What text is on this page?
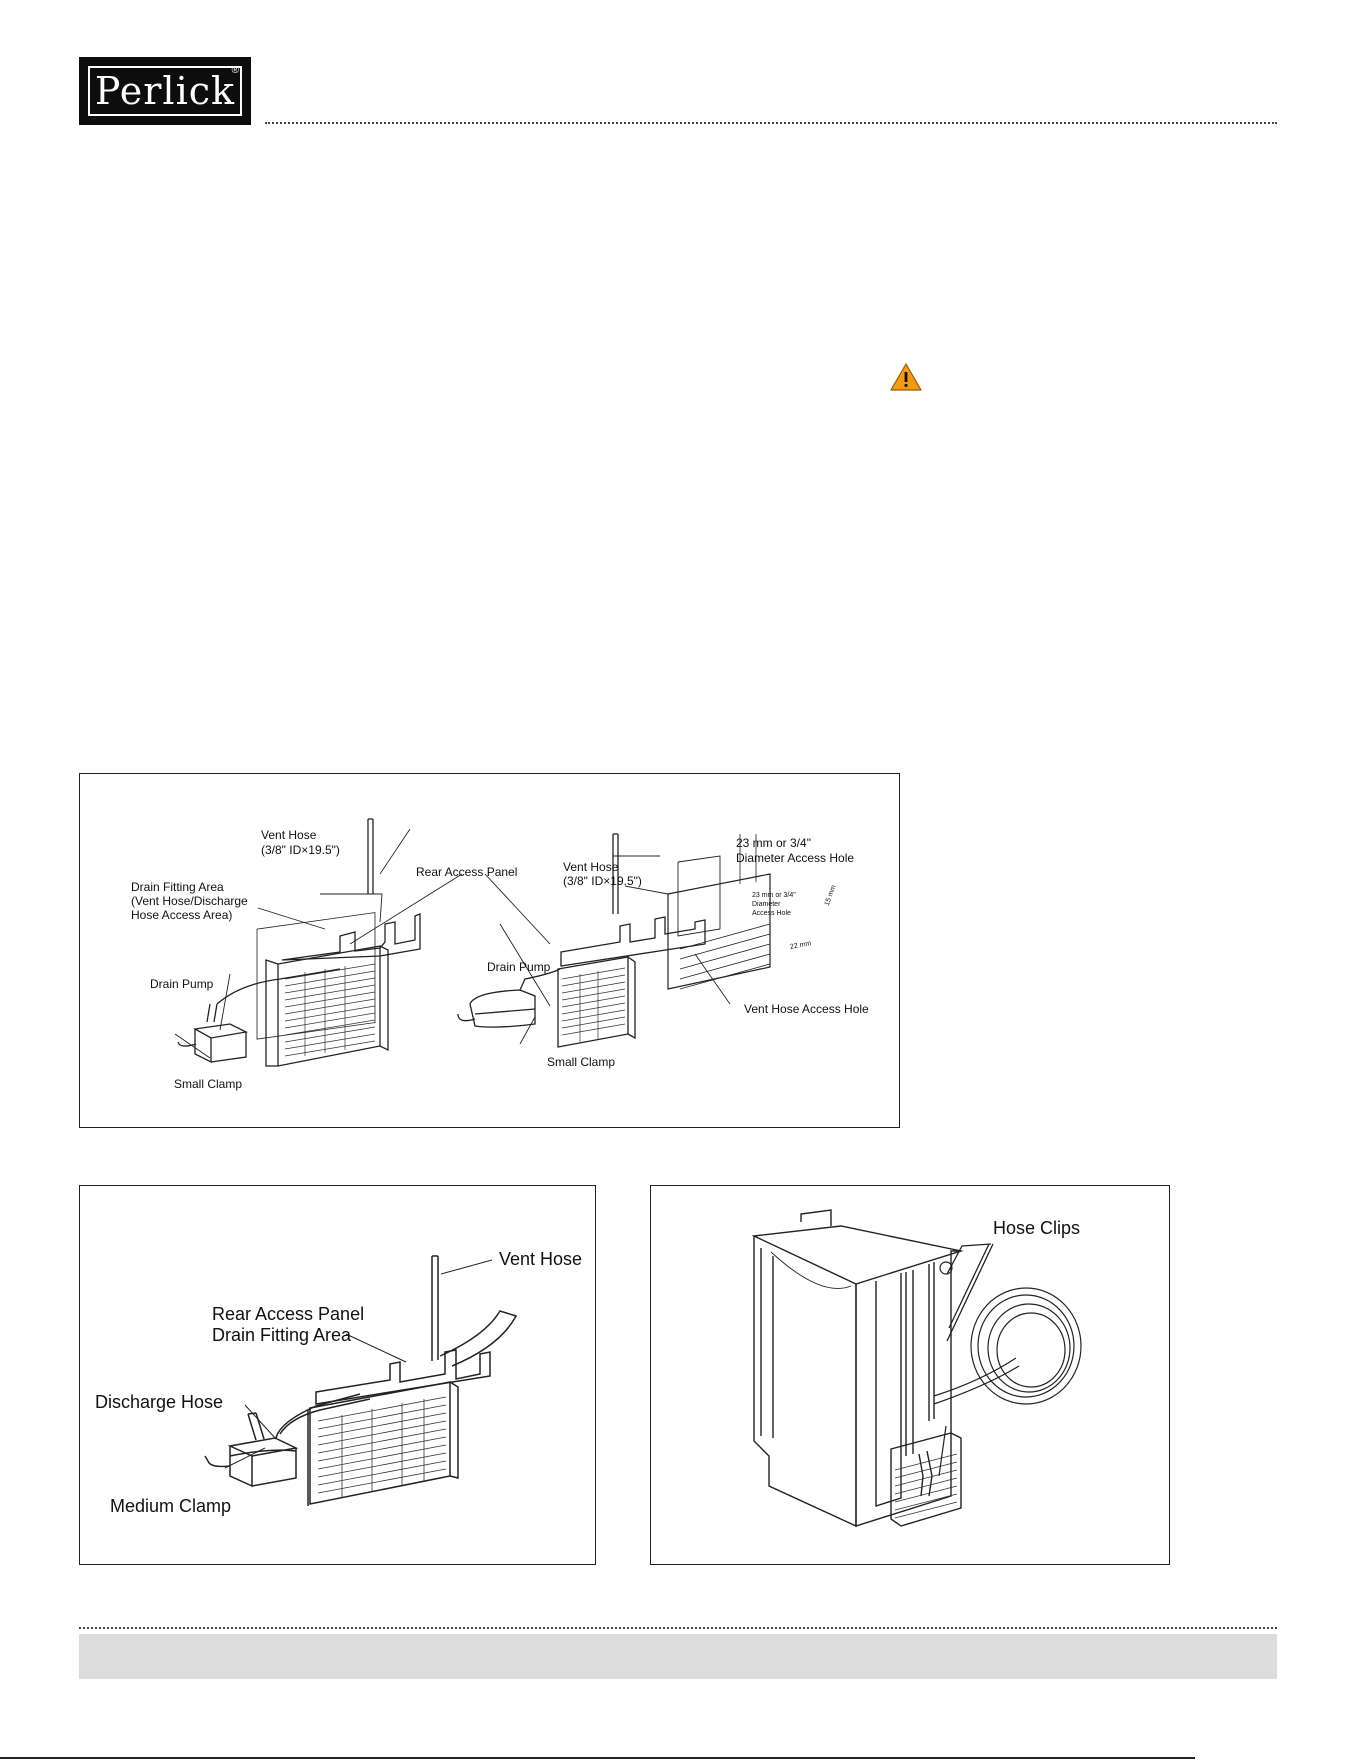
Perlick
®
Vent Hose
(3/8" ID×19.5")
Drain Fitting Area
(Vent Hose/Discharge
Hose Access Area)
Drain Pump
Small Clamp
Rear Access Panel	Vent Hose
(3/8" ID×19.5")
23 mm or 3/4"
Diameter Access Hole
Drain Pump
Small Clamp
Vent Hose Access Hole
23 mm or 3/4"
Diameter
Access Hole
15 mm
22 mm
Vent Hose
Rear Access Panel
Drain Fitting Area
Discharge Hose
Medium Clamp
Hose Clips
